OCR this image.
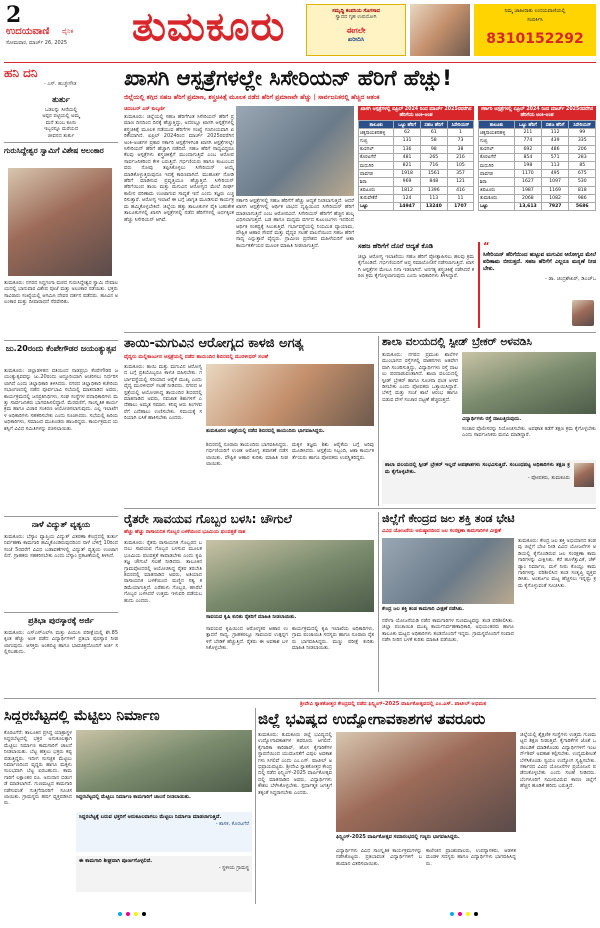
2
ಉದಯವಾಣಿ ದೈನಿಕ
ಸೋಮವಾರ, ಮಾರ್ಚ್ 26, 2025 ತುಮಕೂರು	ಸಮೃದ್ಧಿ ಕಂಪನಿಯ ಸೊಗಸಾದ
ಸ್ವಾದದ ಗೃಹ ಉಪಯೋಗಿ
ಈಗಲೇ
ಖರೀದಿಸಿ
ನಿಮ್ಮ ಜಾಹೀರಾತು ಉದಯವಾಣಿಯಲ್ಲಿ
ಸಂಪರ್ಕಿಸಿ
8310152292
ಹನಿ ದನಿ
- ಎಸ್. ಹುಚ್ಚೇಗೌಡ
ತುರ್ತು
ಒಡಲನ್ನು ಸೀರೆಯಲ್ಲಿ
ಅಪ್ಪನ ಪಟ್ಟಿಯಲ್ಲಿ ಅಮ್ಮ
ಮನೆ ತುಂಬ ಕೂಸು
ಇಬ್ಬರನ್ನೂ ಮರೆಯದ
ಜೀವನದ ತುರ್ತು
ಗುರುಸಿದ್ದೇಶ್ವರ ಸ್ವಾಮಿಗೆ ವಿಶೇಷ ಅಲಂಕಾರ
ತುಮಕೂರು: ನಗರದ ಸಿದ್ದಗಂಗಾ ಮಠದ ಗುರುಸಿದ್ದೇಶ್ವರ ಸ್ವಾಮಿ ದೇವಾಲಯದಲ್ಲಿ ಭಾನುವಾರ ವಿಶೇಷ ಪೂಜೆ ಮತ್ತು ಅಲಂಕಾರ ನಡೆಯಿತು. ಭಕ್ತರು ಸಾವಿರಾರು ಸಂಖ್ಯೆಯಲ್ಲಿ ಆಗಮಿಸಿ ದೇವರ ದರ್ಶನ ಪಡೆದರು. ಹೂವಿನ ಅಲಂಕಾರ ಮತ್ತು ದೀಪಾರಾಧನೆ ನೆರವೇರಿತು.
ಜು.20ರಂದು ಕೆಂಪೇಗೌಡರ ಜಯಂತ್ಯುತ್ಸವ
ತುಮಕೂರು: ಜಿಲ್ಲಾಡಳಿತದ ವತಿಯಿಂದ ನಾಡಪ್ರಭು ಕೆಂಪೇಗೌಡರ ಜಯಂತ್ಯುತ್ಸವವನ್ನು ಜು.20ರಂದು ಅದ್ದೂರಿಯಾಗಿ ಆಚರಿಸಲು ನಿರ್ಧರಿಸಲಾಗಿದೆ ಎಂದು ಜಿಲ್ಲಾಧಿಕಾರಿ ತಿಳಿಸಿದರು. ನಗರದ ಜಿಲ್ಲಾಧಿಕಾರಿ ಕಚೇರಿಯ ಸಭಾಂಗಣದಲ್ಲಿ ನಡೆದ ಪೂರ್ವಭಾವಿ ಸಭೆಯಲ್ಲಿ ಮಾತನಾಡಿದ ಅವರು, ಕಾರ್ಯಕ್ರಮದಲ್ಲಿ ಜನಪ್ರತಿನಿಧಿಗಳು, ಸಂಘ ಸಂಸ್ಥೆಗಳ ಪದಾಧಿಕಾರಿಗಳು ಮತ್ತು ಸಾರ್ವಜನಿಕರು ಭಾಗವಹಿಸಲಿದ್ದಾರೆ. ಮೆರವಣಿಗೆ, ಸಾಂಸ್ಕೃತಿಕ ಕಾರ್ಯಕ್ರಮ ಹಾಗೂ ವಿಚಾರ ಸಂಕಿರಣ ಆಯೋಜಿಸಲಾಗುವುದು. ಎಲ್ಲ ಇಲಾಖೆಗಳ ಅಧಿಕಾರಿಗಳು ಸಹಕರಿಸಬೇಕು ಎಂದು ಸೂಚಿಸಿದರು. ಸಭೆಯಲ್ಲಿ ಹಿರಿಯ ಅಧಿಕಾರಿಗಳು, ಸಮಾಜದ ಮುಖಂಡರು ಹಾಜರಿದ್ದರು. ಕಾರ್ಯಕ್ರಮದ ಯಶಸ್ಸಿಗೆ ವಿವಿಧ ಸಮಿತಿಗಳನ್ನು ರಚಿಸಲಾಯಿತು.
ನಾಳೆ ವಿದ್ಯುತ್ ವ್ಯತ್ಯಯ
ತುಮಕೂರು: ಬೆಸ್ಕಾಂ ವ್ಯಾಪ್ತಿಯ ವಿದ್ಯುತ್ ವಿತರಣಾ ಕೇಂದ್ರದಲ್ಲಿ ತುರ್ತು ನಿರ್ವಹಣಾ ಕಾಮಗಾರಿ ಹಮ್ಮಿಕೊಂಡಿರುವುದರಿಂದ ನಾಳೆ ಬೆಳಿಗ್ಗೆ 10ರಿಂದ ಸಂಜೆ 5ರವರೆಗೆ ವಿವಿಧ ಬಡಾವಣೆಗಳಲ್ಲಿ ವಿದ್ಯುತ್ ವ್ಯತ್ಯಯ ಉಂಟಾಗಲಿದೆ. ಗ್ರಾಹಕರು ಸಹಕರಿಸಬೇಕು ಎಂದು ಬೆಸ್ಕಾಂ ಪ್ರಕಟಣೆಯಲ್ಲಿ ತಿಳಿಸಿದೆ.
ಪ್ರತಿಭಾ ಪುರಸ್ಕಾರಕ್ಕೆ ಅರ್ಜಿ
ತುಮಕೂರು: ಎಸ್ಎಸ್ಎಲ್‌ಸಿ ಮತ್ತು ಪಿಯುಸಿ ಪರೀಕ್ಷೆಯಲ್ಲಿ ಶೇ.85ಕ್ಕಿಂತ ಹೆಚ್ಚು ಅಂಕ ಪಡೆದ ವಿದ್ಯಾರ್ಥಿಗಳಿಗೆ ಪ್ರತಿಭಾ ಪುರಸ್ಕಾರ ನೀಡಲಾಗುವುದು. ಆಸಕ್ತರು ಅಂಕಪಟ್ಟಿ ಹಾಗೂ ಭಾವಚಿತ್ರದೊಂದಿಗೆ ಅರ್ಜಿ ಸಲ್ಲಿಸಬಹುದು.
ಖಾಸಗಿ ಆಸ್ಪತ್ರೆಗಳಲ್ಲೇ ಸಿಸೇರಿಯನ್ ಹೆರಿಗೆ ಹೆಚ್ಚು!
ಜಿಲ್ಲೆಯಲ್ಲಿ ತಗ್ಗಿದ ಸಹಜ ಹೆರಿಗೆ ಪ್ರಮಾಣ, ಶಸ್ತ್ರಚಿಕಿತ್ಸೆ ಮೂಲಕ ನಡೆದ ಹೆರಿಗೆ ಪ್ರಮಾಣವೇ ಹೆಚ್ಚು | ಸಾರ್ವಜನಿಕರಲ್ಲಿ ಹೆಚ್ಚಿದ ಆತಂಕ
ಚಿದಂಬರ್ ಎನ್ ಕುಲ್ಕರ್ಣಿ
ತುಮಕೂರು: ಜಿಲ್ಲೆಯಲ್ಲಿ ಸಹಜ ಹೆರಿಗೆಗಿಂತ ಸಿಸೇರಿಯನ್ ಹೆರಿಗೆ ಪ್ರಮಾಣ ದಿನದಿಂದ ದಿನಕ್ಕೆ ಹೆಚ್ಚುತ್ತಿದ್ದು, ಅದರಲ್ಲೂ ಖಾಸಗಿ ಆಸ್ಪತ್ರೆಗಳಲ್ಲಿ ಶಸ್ತ್ರಚಿಕಿತ್ಸೆ ಮೂಲಕ ನಡೆಯುವ ಹೆರಿಗೆಗಳ ಸಂಖ್ಯೆ ಗಣನೀಯವಾಗಿ ಏರಿಕೆಯಾಗಿದೆ. ಏಪ್ರಿಲ್ 2024ರಿಂದ ಮಾರ್ಚ್ 2025ರವರೆಗಿನ ಅಂಕಿ-ಅಂಶಗಳ ಪ್ರಕಾರ ಸರ್ಕಾರಿ ಆಸ್ಪತ್ರೆಗಳಿಗಿಂತ ಖಾಸಗಿ ಆಸ್ಪತ್ರೆಗಳಲ್ಲೇ ಸಿಸೇರಿಯನ್ ಹೆರಿಗೆ ಹೆಚ್ಚಾಗಿ ನಡೆದಿದೆ. ಸಹಜ ಹೆರಿಗೆ ಸಾಧ್ಯವಿದ್ದರೂ ಕೆಲವು ಆಸ್ಪತ್ರೆಗಳು ಶಸ್ತ್ರಚಿಕಿತ್ಸೆಗೆ ಮುಂದಾಗುತ್ತಿವೆ ಎಂಬ ಆರೋಪ ಸಾರ್ವಜನಿಕರಿಂದ ಕೇಳಿ ಬರುತ್ತಿದೆ. ಗರ್ಭಿಣಿಯರು ಹಾಗೂ ಕುಟುಂಬದವರು ನೋವು ತಪ್ಪಿಸಿಕೊಳ್ಳಲು ಸಿಸೇರಿಯನ್ ಆಯ್ಕೆ ಮಾಡಿಕೊಳ್ಳುತ್ತಿರುವುದೂ ಇದಕ್ಕೆ ಕಾರಣವಾಗಿದೆ. ಮುಹೂರ್ತ ನೋಡಿ ಹೆರಿಗೆ ಮಾಡಿಸುವ ಪ್ರವೃತ್ತಿಯೂ ಹೆಚ್ಚುತ್ತಿದೆ. ಸಿಸೇರಿಯನ್ ಹೆರಿಗೆಯಿಂದ ತಾಯಿ ಮತ್ತು ಮಗುವಿನ ಆರೋಗ್ಯದ ಮೇಲೆ ದೀರ್ಘಕಾಲೀನ ಪರಿಣಾಮ ಉಂಟಾಗುವ ಸಾಧ್ಯತೆ ಇದೆ ಎಂದು ತಜ್ಞರು ಎಚ್ಚರಿಸುತ್ತಾರೆ. ಆರೋಗ್ಯ ಇಲಾಖೆ ಈ ಬಗ್ಗೆ ಜಾಗೃತಿ ಮೂಡಿಸುವ ಕಾರ್ಯಕ್ರಮ ಹಮ್ಮಿಕೊಳ್ಳಬೇಕಿದೆ. ಜಿಲ್ಲೆಯ ಹತ್ತು ತಾಲೂಕುಗಳ ಪೈಕಿ ಬಹುತೇಕ ತಾಲೂಕುಗಳಲ್ಲಿ ಖಾಸಗಿ ಆಸ್ಪತ್ರೆಗಳಲ್ಲಿ ನಡೆದ ಹೆರಿಗೆಗಳಲ್ಲಿ ಅರ್ಧಕ್ಕಿಂತ ಹೆಚ್ಚು ಸಿಸೇರಿಯನ್ ಆಗಿವೆ.
ಸರ್ಕಾರಿ ಆಸ್ಪತ್ರೆಗಳಲ್ಲಿ ಸಹಜ ಹೆರಿಗೆಗೆ ಹೆಚ್ಚು ಆದ್ಯತೆ ನೀಡಲಾಗುತ್ತಿದೆ. ಆದರೆ ಖಾಸಗಿ ಆಸ್ಪತ್ರೆಗಳಲ್ಲಿ ಆರ್ಥಿಕ ಲಾಭದ ದೃಷ್ಟಿಯಿಂದ ಸಿಸೇರಿಯನ್ ಹೆರಿಗೆ ಮಾಡಲಾಗುತ್ತಿದೆ ಎಂಬ ಆರೋಪವಿದೆ. ಸಿಸೇರಿಯನ್ ಹೆರಿಗೆಗೆ ಹೆಚ್ಚಿನ ಶುಲ್ಕ ವಿಧಿಸಲಾಗುತ್ತದೆ. ಬಡ ಹಾಗೂ ಮಧ್ಯಮ ವರ್ಗದ ಕುಟುಂಬಗಳು ಇದರಿಂದ ಆರ್ಥಿಕ ಸಂಕಷ್ಟಕ್ಕೆ ಸಿಲುಕುತ್ತಿವೆ. ಗರ್ಭಾವಸ್ಥೆಯಲ್ಲಿ ನಿಯಮಿತ ವ್ಯಾಯಾಮ, ಪೌಷ್ಟಿಕ ಆಹಾರ ಸೇವನೆ ಮತ್ತು ವೈದ್ಯರ ಸಲಹೆ ಪಾಲನೆಯಿಂದ ಸಹಜ ಹೆರಿಗೆ ಸಾಧ್ಯ ಎನ್ನುತ್ತಾರೆ ವೈದ್ಯರು. ಗ್ರಾಮೀಣ ಪ್ರದೇಶದ ಮಹಿಳೆಯರಿಗೆ ಆಶಾ ಕಾರ್ಯಕರ್ತೆಯರ ಮೂಲಕ ಮಾಹಿತಿ ನೀಡಲಾಗುತ್ತಿದೆ.
ಖಾಸಗಿ ಆಸ್ಪತ್ರೆಗಳಲ್ಲಿ ಏಪ್ರಿಲ್ 2024 ರಿಂದ ಮಾರ್ಚ್ 2025ರವರೆಗಿನ ಹೆರಿಗೆಯ ಅಂಕಿ-ಅಂಶ
ತಾಲೂಕು	ಒಟ್ಟು ಹೆರಿಗೆ	ಸಹಜ ಹೆರಿಗೆ	ಸಿಸೇರಿಯನ್
ಚಿಕ್ಕನಾಯಕನಹಳ್ಳಿ	62	61	1
ಗುಬ್ಬಿ	131	58	73
ಕುಣಿಗಲ್	136	98	38
ಕೊರಟಗೆರೆ	481	265	216
ಮಧುಗಿರಿ	821	716	105
ಪಾವಗಡ	1918	1561	357
ಶಿರಾ	969	848	121
ತಿಪಟೂರು	1812	1396	416
ತುರುವೇಕೆರೆ	124	113	11
ಒಟ್ಟು	14947	13240	1707
ಸರ್ಕಾರಿ ಆಸ್ಪತ್ರೆಗಳಲ್ಲಿ ಏಪ್ರಿಲ್ 2024 ರಿಂದ ಮಾರ್ಚ್ 2025ರವರೆಗಿನ ಹೆರಿಗೆಯ ಅಂಕಿ-ಅಂಶ
ತಾಲೂಕು	ಒಟ್ಟು ಹೆರಿಗೆ	ಸಹಜ ಹೆರಿಗೆ	ಸಿಸೇರಿಯನ್
ಚಿಕ್ಕನಾಯಕನಹಳ್ಳಿ	211	112	99
ಗುಬ್ಬಿ	774	439	335
ಕುಣಿಗಲ್	692	486	206
ಕೊರಟಗೆರೆ	854	571	283
ಮಧುಗಿರಿ	198	113	85
ಪಾವಗಡ	1170	495	675
ಶಿರಾ	1627	1097	530
ತಿಪಟೂರು	1987	1169	818
ತುಮಕೂರು	2068	1082	986
ಒಟ್ಟು	13,613	7927	5686
ಸಹಜ ಹೆರಿಗೆಗೆ ದೊರೆ ಆದ್ಯತೆ ಕೊಡಿ
ಜಿಲ್ಲಾ ಆರೋಗ್ಯ ಇಲಾಖೆಯು ಸಹಜ ಹೆರಿಗೆ ಪ್ರೋತ್ಸಾಹಿಸಲು ಹಲವು ಕ್ರಮ ಕೈಗೊಂಡಿದೆ. ಗರ್ಭಿಣಿಯರಿಗೆ ಆಪ್ತ ಸಮಾಲೋಚನೆ ನಡೆಸಲಾಗುತ್ತಿದೆ. ಖಾಸಗಿ ಆಸ್ಪತ್ರೆಗಳ ಮೇಲೂ ನಿಗಾ ಇಡಲಾಗಿದೆ. ಅನಗತ್ಯ ಶಸ್ತ್ರಚಿಕಿತ್ಸೆ ನಡೆಸಿದರೆ ಕಠಿಣ ಕ್ರಮ ಕೈಗೊಳ್ಳಲಾಗುವುದು ಎಂದು ಅಧಿಕಾರಿಗಳು ತಿಳಿಸಿದ್ದಾರೆ.
“
ಸಿಸೇರಿಯನ್ ಹೆರಿಗೆಯಿಂದ ಹುಟ್ಟುವ ಮಗುವಿನ ಆರೋಗ್ಯದ ಮೇಲೆ ಪರಿಣಾಮ ಬೀರುತ್ತದೆ. ಸಹಜ ಹೆರಿಗೆಗೆ ಎಲ್ಲರೂ ಮನ್ನಣೆ ನೀಡಬೇಕು.
- ಡಾ. ಚಂದ್ರಶೇಖರ್, ಡಿಎಚ್ಒ
ತಾಯಿ-ಮಗುವಿನ ಆರೋಗ್ಯದ ಕಾಳಜಿ ಅಗತ್ಯ
ವೈದ್ಯರು ಮಲ್ಲಿಕಾರ್ಜುನ ಆಸ್ಪತ್ರೆಯಲ್ಲಿ ನಡೆದ ತಾಯಂದಿರ ಶಿಬಿರದಲ್ಲಿ ಮುರಳೀಧರ್ ಸಲಹೆ
ತುಮಕೂರು: ತಾಯಿ ಮತ್ತು ಮಗುವಿನ ಆರೋಗ್ಯದ ಬಗ್ಗೆ ಪ್ರತಿಯೊಬ್ಬರೂ ಕಾಳಜಿ ವಹಿಸಬೇಕು. ಗರ್ಭಾವಸ್ಥೆಯಲ್ಲಿ ಸರಿಯಾದ ಆರೈಕೆ ಮುಖ್ಯ ಎಂದು ವೈದ್ಯ ಮುರಳೀಧರ್ ಸಲಹೆ ನೀಡಿದರು. ನಗರದ ಆಸ್ಪತ್ರೆಯಲ್ಲಿ ಆಯೋಜಿಸಿದ್ದ ತಾಯಂದಿರ ಶಿಬಿರದಲ್ಲಿ ಮಾತನಾಡಿದ ಅವರು, ನವಜಾತ ಶಿಶುಗಳಿಗೆ ಎದೆಹಾಲು ಅಮೃತ ಸಮಾನ. ಕನಿಷ್ಠ ಆರು ತಿಂಗಳವರೆಗೆ ಎದೆಹಾಲು ಉಣಿಸಬೇಕು. ಸಮಯಕ್ಕೆ ಸರಿಯಾಗಿ ಲಸಿಕೆ ಹಾಕಿಸಬೇಕು ಎಂದರು.
ತುಮಕೂರಿನ ಆಸ್ಪತ್ರೆಯಲ್ಲಿ ನಡೆದ ಶಿಬಿರದಲ್ಲಿ ತಾಯಂದಿರು ಭಾಗವಹಿಸಿದ್ದರು.
ಶಿಬಿರದಲ್ಲಿ ನೂರಾರು ತಾಯಂದಿರು ಭಾಗವಹಿಸಿದ್ದರು. ಗರ್ಭಿಣಿಯರಿಗೆ ಉಚಿತ ಆರೋಗ್ಯ ತಪಾಸಣೆ ನಡೆಸಲಾಯಿತು. ಪೌಷ್ಟಿಕ ಆಹಾರ ಕುರಿತು ಮಾಹಿತಿ ನೀಡಲಾಯಿತು.
ಮಕ್ಕಳ ತಜ್ಞರು ಶಿಶು ಆರೈಕೆಯ ಬಗ್ಗೆ ಅರಿವು ಮೂಡಿಸಿದರು. ಆಸ್ಪತ್ರೆಯ ಸಿಬ್ಬಂದಿ, ಆಶಾ ಕಾರ್ಯಕರ್ತೆಯರು ಹಾಗೂ ಪೋಷಕರು ಉಪಸ್ಥಿತರಿದ್ದರು.
ಶಾಲಾ ವಲಯದಲ್ಲಿ ಸ್ಪೀಡ್ ಬ್ರೇಕರ್ ಅಳವಡಿಸಿ
ತುಮಕೂರು: ನಗರದ ಪ್ರಮುಖ ಶಾಲೆಗಳ ಮುಂಭಾಗದ ರಸ್ತೆಗಳಲ್ಲಿ ವಾಹನಗಳು ಅತಿವೇಗವಾಗಿ ಸಂಚರಿಸುತ್ತಿದ್ದು, ವಿದ್ಯಾರ್ಥಿಗಳು ರಸ್ತೆ ದಾಟಲು ಪರದಾಡುವಂತಾಗಿದೆ. ಶಾಲಾ ವಲಯದಲ್ಲಿ ಸ್ಪೀಡ್ ಬ್ರೇಕರ್ ಹಾಗೂ ಸೂಚನಾ ಫಲಕ ಅಳವಡಿಸಬೇಕು ಎಂದು ಪೋಷಕರು ಒತ್ತಾಯಿಸಿದ್ದಾರೆ. ಬೆಳಿಗ್ಗೆ ಮತ್ತು ಸಂಜೆ ಶಾಲೆ ಆರಂಭ ಹಾಗೂ ಬಿಡುವ ವೇಳೆ ಸಂಚಾರ ದಟ್ಟಣೆ ಹೆಚ್ಚಿರುತ್ತದೆ.
ವಿದ್ಯಾರ್ಥಿಗಳು ರಸ್ತೆ ದಾಟುತ್ತಿರುವುದು.
ಸಂಚಾರ ಪೊಲೀಸರನ್ನು ನಿಯೋಜಿಸಬೇಕು. ಅಪಘಾತ ತಡೆಗೆ ತಕ್ಷಣ ಕ್ರಮ ಕೈಗೊಳ್ಳಬೇಕು ಎಂದು ಸಾರ್ವಜನಿಕರು ಮನವಿ ಮಾಡಿದ್ದಾರೆ.
ಶಾಲಾ ವಲಯದಲ್ಲಿ ಸ್ಪೀಡ್ ಬ್ರೇಕರ್ ಇಲ್ಲದೆ ಅಪಘಾತಗಳು ಸಂಭವಿಸುತ್ತಿವೆ. ಸಂಬಂಧಪಟ್ಟ ಅಧಿಕಾರಿಗಳು ತಕ್ಷಣ ಕ್ರಮ ಕೈಗೊಳ್ಳಬೇಕು.
- ಪೋಷಕರು, ತುಮಕೂರು
ರೈತರೇ ಸಾವಯವ ಗೊಬ್ಬರ ಬಳಸಿ: ಚೌಗುಲೆ
ಹೆಚ್ಚು ಹೆಚ್ಚು ರಾಸಾಯನಿಕ ಗೊಬ್ಬರ ಬಳಕೆಯಿಂದ ಭೂಮಿಯ ಫಲವತ್ತತೆ ನಾಶ
ತುಮಕೂರು: ರೈತರು ರಾಸಾಯನಿಕ ಗೊಬ್ಬರದ ಬದಲು ಸಾವಯವ ಗೊಬ್ಬರ ಬಳಸುವ ಮೂಲಕ ಭೂಮಿಯ ಫಲವತ್ತತೆ ಕಾಪಾಡಬೇಕು ಎಂದು ಕೃಷಿ ತಜ್ಞ ಚೌಗುಲೆ ಸಲಹೆ ನೀಡಿದರು. ತಾಲೂಕಿನ ಗ್ರಾಮವೊಂದರಲ್ಲಿ ಆಯೋಜಿಸಿದ್ದ ರೈತರ ತರಬೇತಿ ಶಿಬಿರದಲ್ಲಿ ಮಾತನಾಡಿದ ಅವರು, ಅತಿಯಾದ ರಾಸಾಯನಿಕ ಬಳಕೆಯಿಂದ ಮಣ್ಣಿನ ಸತ್ವ ಕಡಿಮೆಯಾಗುತ್ತಿದೆ. ಎರೆಹುಳು ಗೊಬ್ಬರ, ಹಸಿರೆಲೆ ಗೊಬ್ಬರ ಬಳಸಿದರೆ ಉತ್ತಮ ಇಳುವರಿ ಪಡೆಯಬಹುದು ಎಂದರು.
ಸಾವಯವ ಕೃಷಿ ಕುರಿತು ರೈತರಿಗೆ ಮಾಹಿತಿ ನೀಡಲಾಯಿತು.
ಸಾವಯವ ಕೃಷಿಯಿಂದ ಆರೋಗ್ಯಕರ ಆಹಾರ ಉತ್ಪಾದನೆ ಸಾಧ್ಯ. ಗ್ರಾಹಕರಲ್ಲೂ ಸಾವಯವ ಉತ್ಪನ್ನಗಳಿಗೆ ಬೇಡಿಕೆ ಹೆಚ್ಚುತ್ತಿದೆ. ರೈತರು ಈ ಅವಕಾಶ ಬಳಸಿಕೊಳ್ಳಬೇಕು.
ಕಾರ್ಯಕ್ರಮದಲ್ಲಿ ಕೃಷಿ ಇಲಾಖೆಯ ಅಧಿಕಾರಿಗಳು, ಗ್ರಾಮ ಪಂಚಾಯಿತಿ ಸದಸ್ಯರು ಹಾಗೂ ನೂರಾರು ರೈತರು ಭಾಗವಹಿಸಿದ್ದರು. ಮಣ್ಣು ಪರೀಕ್ಷೆ ಕುರಿತು ಮಾಹಿತಿ ನೀಡಲಾಯಿತು.
ಜಿಲ್ಲೆಗೆ ಕೇಂದ್ರದ ಜಲ ಶಕ್ತಿ ತಂಡ ಭೇಟಿ
ವಿವಿಧ ಯೋಜನೆಯ ಅನುಷ್ಠಾನದಿಂದ ಜಲ ಸಂರಕ್ಷಣಾ ಕಾಮಗಾರಿಗಳ ವೀಕ್ಷಣೆ
ಕೇಂದ್ರ ಜಲ ಶಕ್ತಿ ತಂಡ ಕಾಮಗಾರಿ ವೀಕ್ಷಣೆ ನಡೆಸಿತು.
ತುಮಕೂರು: ಕೇಂದ್ರ ಜಲ ಶಕ್ತಿ ಅಭಿಯಾನದ ತಂಡವು ಜಿಲ್ಲೆಗೆ ಭೇಟಿ ನೀಡಿ ವಿವಿಧ ಯೋಜನೆಗಳ ಅಡಿಯಲ್ಲಿ ಕೈಗೊಂಡಿರುವ ಜಲ ಸಂರಕ್ಷಣಾ ಕಾಮಗಾರಿಗಳನ್ನು ವೀಕ್ಷಿಸಿತು. ಕೆರೆ ಹೂಳೆತ್ತುವಿಕೆ, ಚೆಕ್ ಡ್ಯಾಂ ನಿರ್ಮಾಣ, ಮಳೆ ನೀರು ಕೊಯ್ಲು ಕಾಮಗಾರಿಗಳನ್ನು ಪರಿಶೀಲಿಸಿದ ತಂಡ ಸಂತೃಪ್ತಿ ವ್ಯಕ್ತಪಡಿಸಿತು. ಅಂತರ್ಜಲ ಮಟ್ಟ ಹೆಚ್ಚಿಸಲು ಇನ್ನಷ್ಟು ಕ್ರಮ ಕೈಗೊಳ್ಳುವಂತೆ ಸೂಚಿಸಿತು.
ನರೇಗಾ ಯೋಜನೆಯಡಿ ನಡೆದ ಕಾಮಗಾರಿಗಳ ಗುಣಮಟ್ಟವನ್ನು ತಂಡ ಪರಿಶೀಲಿಸಿತು. ಜಿಲ್ಲಾ ಪಂಚಾಯಿತಿ ಮುಖ್ಯ ಕಾರ್ಯನಿರ್ವಹಣಾಧಿಕಾರಿ, ಅಭಿಯಂತರರು ಹಾಗೂ ತಾಲೂಕು ಮಟ್ಟದ ಅಧಿಕಾರಿಗಳು ತಂಡದೊಂದಿಗೆ ಇದ್ದರು. ಗ್ರಾಮಸ್ಥರೊಂದಿಗೆ ಸಂವಾದ ನಡೆಸಿ ನೀರಿನ ಬಳಕೆ ಕುರಿತು ಮಾಹಿತಿ ಪಡೆಯಿತು.
ಶ್ರೀದೇವಿ ಸ್ನಾತಕೋತ್ತರ ಕೇಂದ್ರದಲ್ಲಿ ನಡೆದ ಫಿನ್ಸ್ವಿಂಗ್-2025 ವಾರ್ಷಿಕೋತ್ಸವದಲ್ಲಿ ಎಂ.ಎಸ್. ಪಾಟೀಲ್ ಅಭಿಮತ
ಸಿದ್ದರಬೆಟ್ಟದಲ್ಲಿ ಮೆಟ್ಟಿಲು ನಿರ್ಮಾಣ	ಜಿಲ್ಲೆ ಭವಿಷ್ಯದ ಉದ್ಯೋಗಾವಕಾಶಗಳ ತವರೂರು
ಕೊರಟಗೆರೆ: ತಾಲೂಕಿನ ಪ್ರಸಿದ್ಧ ಯಾತ್ರಾಸ್ಥಳ ಸಿದ್ದರಬೆಟ್ಟದಲ್ಲಿ ಭಕ್ತರ ಅನುಕೂಲಕ್ಕಾಗಿ ಮೆಟ್ಟಿಲು ನಿರ್ಮಾಣ ಕಾಮಗಾರಿಗೆ ಚಾಲನೆ ನೀಡಲಾಯಿತು. ಬೆಟ್ಟ ಹತ್ತಲು ಭಕ್ತರು ಕಷ್ಟಪಡುತ್ತಿದ್ದರು. ಇದೀಗ ಸುಸಜ್ಜಿತ ಮೆಟ್ಟಿಲು ನಿರ್ಮಾಣದಿಂದ ವೃದ್ಧರು ಹಾಗೂ ಮಕ್ಕಳು ಸುಲಭವಾಗಿ ಬೆಟ್ಟ ಏರಬಹುದು. ಕಾಮಗಾರಿಗೆ ಲಕ್ಷಾಂತರ ರೂ. ಅನುದಾನ ಬಿಡುಗಡೆ ಮಾಡಲಾಗಿದೆ. ಗುಣಮಟ್ಟದ ಕಾಮಗಾರಿ ನಡೆಸುವಂತೆ ಗುತ್ತಿಗೆದಾರರಿಗೆ ಸೂಚಿಸಲಾಯಿತು. ಗ್ರಾಮಸ್ಥರು ಹರ್ಷ ವ್ಯಕ್ತಪಡಿಸಿದರು.
ಸಿದ್ದರಬೆಟ್ಟದಲ್ಲಿ ಮೆಟ್ಟಿಲು ನಿರ್ಮಾಣ ಕಾಮಗಾರಿಗೆ ಚಾಲನೆ ನೀಡಲಾಯಿತು.
ಸಿದ್ದರಬೆಟ್ಟಕ್ಕೆ ಬರುವ ಭಕ್ತರಿಗೆ ಅನುಕೂಲವಾಗಲು ಮೆಟ್ಟಿಲು ನಿರ್ಮಾಣ ಮಾಡಲಾಗುತ್ತಿದೆ.
- ಶಾಸಕ, ಕೊರಟಗೆರೆ
ಈ ಕಾಮಗಾರಿ ಶೀಘ್ರವಾಗಿ ಪೂರ್ಣಗೊಳ್ಳಲಿದೆ.
- ಸ್ಥಳೀಯ ಗ್ರಾಮಸ್ಥ
ತುಮಕೂರು: ತುಮಕೂರು ಜಿಲ್ಲೆ ಭವಿಷ್ಯದಲ್ಲಿ ಉದ್ಯೋಗಾವಕಾಶಗಳ ತವರೂರು ಆಗಲಿದೆ. ಕೈಗಾರಿಕಾ ಕಾರಿಡಾರ್, ಹೊಸ ಕೈಗಾರಿಕೆಗಳ ಸ್ಥಾಪನೆಯಿಂದ ಯುವಜನತೆಗೆ ವಿಪುಲ ಅವಕಾಶಗಳು ಸಿಗಲಿವೆ ಎಂದು ಎಂ.ಎಸ್. ಪಾಟೀಲ್ ಅಭಿಪ್ರಾಯಪಟ್ಟರು. ಶ್ರೀದೇವಿ ಸ್ನಾತಕೋತ್ತರ ಕೇಂದ್ರದಲ್ಲಿ ನಡೆದ ಫಿನ್ಸ್ವಿಂಗ್-2025 ವಾರ್ಷಿಕೋತ್ಸವದಲ್ಲಿ ಮಾತನಾಡಿದ ಅವರು, ವಿದ್ಯಾರ್ಥಿಗಳು ಕೌಶಲ ಬೆಳೆಸಿಕೊಳ್ಳಬೇಕು. ಸ್ಪರ್ಧಾತ್ಮಕ ಜಗತ್ತಿಗೆ ತಕ್ಕಂತೆ ಸಿದ್ಧರಾಗಬೇಕು ಎಂದರು.
ಫಿನ್ಸ್ವಿಂಗ್-2025 ವಾರ್ಷಿಕೋತ್ಸವ ಸಮಾರಂಭದಲ್ಲಿ ಗಣ್ಯರು ಭಾಗವಹಿಸಿದ್ದರು.
ವಿದ್ಯಾರ್ಥಿಗಳು ವಿವಿಧ ಸಾಂಸ್ಕೃತಿಕ ಕಾರ್ಯಕ್ರಮಗಳನ್ನು ನಡೆಸಿಕೊಟ್ಟರು. ಪ್ರತಿಭಾವಂತ ವಿದ್ಯಾರ್ಥಿಗಳಿಗೆ ಬಹುಮಾನ ವಿತರಿಸಲಾಯಿತು.
ಕಾಲೇಜಿನ ಪ್ರಾಂಶುಪಾಲರು, ಉಪನ್ಯಾಸಕರು, ಆಡಳಿತ ಮಂಡಳಿ ಸದಸ್ಯರು ಹಾಗೂ ವಿದ್ಯಾರ್ಥಿಗಳು ಭಾಗವಹಿಸಿದ್ದರು.
ಜಿಲ್ಲೆಯಲ್ಲಿ ಶೈಕ್ಷಣಿಕ ಸಂಸ್ಥೆಗಳು ಉತ್ತಮ ಗುಣಮಟ್ಟದ ಶಿಕ್ಷಣ ನೀಡುತ್ತಿವೆ. ಕೈಗಾರಿಕೆಗಳ ಜೊತೆ ಒಡಂಬಡಿಕೆ ಮಾಡಿಕೊಂಡು ವಿದ್ಯಾರ್ಥಿಗಳಿಗೆ ಇಂಟರ್ನ್‌ಶಿಪ್ ಅವಕಾಶ ಕಲ್ಪಿಸಬೇಕು. ಉದ್ಯಮಶೀಲತೆ ಬೆಳೆಸಿಕೊಂಡು ಸ್ವಯಂ ಉದ್ಯೋಗ ಸೃಷ್ಟಿಸಬೇಕು. ಸರ್ಕಾರದ ವಿವಿಧ ಯೋಜನೆಗಳ ಪ್ರಯೋಜನ ಪಡೆದುಕೊಳ್ಳಬೇಕು ಎಂದು ಸಲಹೆ ನೀಡಿದರು. ಬೆಂಗಳೂರಿಗೆ ಸಮೀಪವಿರುವ ಕಾರಣ ಜಿಲ್ಲೆಗೆ ಹೆಚ್ಚಿನ ಹೂಡಿಕೆ ಹರಿದು ಬರುತ್ತಿದೆ.
